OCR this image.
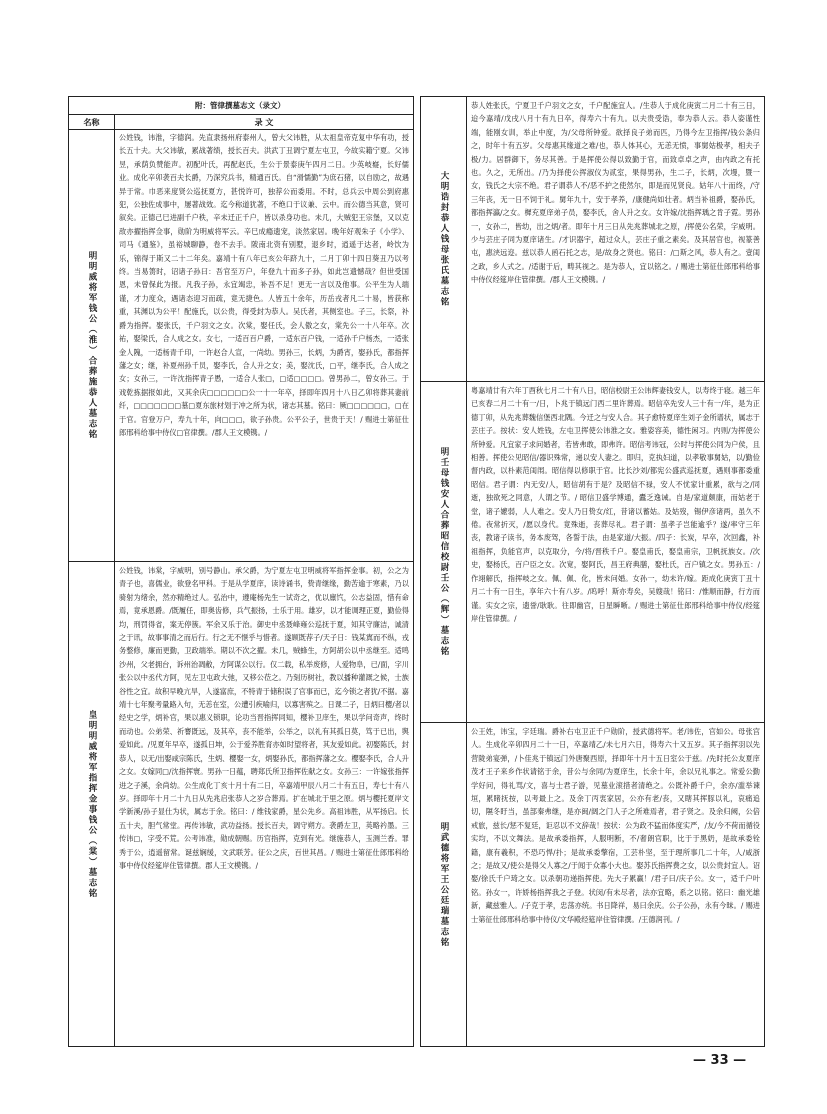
名称	录 文
明明威将军钱公（淮）合葬施恭人墓志铭

公姓钱，讳淮，字德润。先直隶扬州府泰州人，曾大父讳胜，从太祖皇帝克复中华有功，授长五十夫。大父讳敏，累战著绩，授长百夫。洪武丁丑调宁夏左屯卫，今故实籍宁夏。父讳昱，承荫负赞能声。初配叶氏，再配赵氏，生公于景泰庚午四月二日。少英岐嶷，长好儒业。成化辛卯袭百夫长爵，乃深究兵书，精通百氏。自“滑懦勤”为庶石猪，以自励之，故遇异于常。巾恶来度贤公巡抚夏方，甚悦许可，独荐公而委用。不时，总兵云中周公到府惠犯，公独佐成事中，屡著战效。迄今称道犹著，不绝口于议兼、云中。而公德当其意，贤可叙矣。正德己巳进副千户秩，辛未迁正千户，皆以杀身功也。未几，大贼犯王宗堡，又以克敌亦擢指挥佥事，勋阶为明威将军云。辛巳成瘾遗宠，淡然家居。晚年好观朱子《小学》、司马《通鉴》，虽裕城聊静，卷不去手。陂南北资有别墅，退乡时，逍遥于达者，岭饮为乐，锦得于斯又二十二年矣。嘉靖十有八年已亥公年跻九十，二月丁卯十四日葵丑乃以考终。当易箦时，诏诸子孙曰：吾官至万户，年登九十而多子孙，如此岂遗憾哉？但世受国恩，未曾保此为报。凡我子孙，永宜竭忠，补吾不足！更无一言以及他事。公平生为人端谨，才力度众，遇诸态迎习而疏，竟无捷色。人皆五十余年，历岳戎者凡二十易，皆获称重，其渊以为公平！配施氏，以公贵，得受封为恭人。吴氏者，其侧室也。子三，长祭，补爵为指挥。娶张氏，千户羽文之女。次棠，娶任氏，会人傲之女，棠先公一十八年卒。次祐，娶梁氏，合人成之女。女七，一适百百户爵，一适东百户钱，一适孙千户杨杰，一适张金人隗，一适杨青千印，一许赵合人宣，一尚幼。男孙三，长炳，为爵宵，娶孙氏，都指挥藩之女；继，补夏州孙千员，娶李氏，合人升之女；美，娶沈氏，□平，继李氏，合人成之女；女孙三，一许沈指挥青子愚，一适合人张□，□适□□□□。曾男孙二，曾女孙三。于戏乾拣据报如此，又其余庆□□□□□□公一十一年卒，择即年四月十八日乙卯将葬其妻前纤，□□□□□□□墓□夏东旅材划于冲之所为状，诸志其墓。铭曰：厥□□□□□□，□在于官。官登万户，寿九十年，向□□□，欲子孙贵。公平公子，世贵于天！/ 赐进士第征仕郎邢科给事中侍仪□官律撰。/郡人王文模镌。/

皇明明威将军指挥金事钱公（棠）墓志铭

公姓钱，讳棠，字威明，别号静山。承父爵，为宁夏左屯卫明威将军指挥金事。初，公之为青子也，喜儒业，欲登名甲科。于是从学夏庠，读诗诵书，贽青继缘，勤苦逾于寒素，乃以骑射为绪余，然亦精绝过人。弘治中，遵庵杨先生一试奇之，优以廪饩，公志益固，惜有命焉，竟承恩爵。/既履任，即奥齿修，兵气振扬，士乐于用。雄岁，以才能调理正夏，勤俭得均，刑罚得省，案无停簇。军余又乐于治。御史中丞聂峰雍公巡抚于夏，知其守廉洁，诚清之于讯，故事事清之而后行。行之无不惬乎与惜者。遂顾既荐子/天子日：钱某寘而不纵，戎务整修，廉而更勤，卫政端举。期以不次之擢。未几，贼蜂生，方阿胡公以中丞继至。适鸣沙州，父老拥台，诉州治凋敝，方阿谋公以行。仅二载，私举废修，人爱物阜，已/面，字川张公以中丞代方阿，见左卫屯政大弛，又移公莅之。乃刻历树社，教以播种灌溉之候，士族谷性之宜。故积早晚亢旱，人遂富庶，不特青于储积误了官事而已，迄今锁之者犹/不据。嘉靖十七年聚考量路入句，无恙在室，公遭引疾喻归，以寡害殡之。日课二子，日炳曰樱/者以经史之学，炳补官，果以惠义锁职，论功当晋指挥同知，樱补卫庠生，果以学问奇声，终时而动也。公弟荣、祈謇既远，及其卒，丧不能举，公举之，以礼有其孤日莫，笃于已出，舆爱如此。/见夏年早卒，遂孤日坤，公于爱养胜育亦如时望将者，其友爱如此。初娶陈氏，封恭人，以无/出娶咸宗陈氏，生炳、樱娶一女，炳娶孙氏，都指挥藩之女。樱娶李氏，合人升之女。女嫁同□/沈指挥寰。男孙一日蕴，聘郑氏所卫指挥佐献之女。女孙三：一许嫁张指挥进之子溪，余尚幼。公生成化丁亥十月十有二日，卒嘉靖甲辰八月二十有五日，寿七十有八岁。择即年十月二十九日从先兆启张恭人之岁合葬焉。扩在城北于里之原。炳与樱托夏岸文学新溪/孙子显仕为状，属志于余。铭曰：/ 维钱家爵，星公先乡。高祖讳胜，从军扬启。长五十夫，胆气常堂。再传讳敏，武功益扬。授长百夫，调守朔方。袭爵左卫，英略衿墨。三传讳□，字受不荒。公考讳准，勋成朝赐。历官指挥，克到有光。继施恭人，玉测兰香。罪秀于公，逍遥留常。诞兹娴缓，文武联芳。征公之庆，百世其昌。/ 赐进士第征仕郎邢科给事中侍仪经筵岸住管律撰。郡人王文模镌。/

附：管律撰墓志文（录文）
大明诰封恭人钱母张氏墓志铭

恭人姓张氏，宁夏卫千户羽文之女，千户配施宜人。/生恭人于成化庚寅二月二十有三日，迨今嘉靖/戊戌八月十有九日卒，得寿六十有九。以夫贵受诰，奉为恭人云。恭人姿谨性端，能刚女训，举止中度，为/父母所钟爱。欲择良子弟而匹，乃得今左卫指挥/钱公条归之，时年十有五岁。父母惠其缘道之难/也，恭人体其心，无恙无愤，事舅姑极孝，相夫子极/力。居群御下，务尽其善。于是挥使公得以致勤于官，而致卓卓之声，由内政之有托也。久之，无所出。/乃为择使公挥淑仪为贰室，果得男孙，生二子，长炳，次墁，暨一女，钱氏之大宗不绝。君子谓恭人不/恶不护之使然尔，即是而见贤良。姑年八十而终，/守三年丧，无一日不饲于礼。舅年九十，安于孝养，/康健尚如壮者。炳当补祖爵，娶孙氏，都指挥瀛/之女。樨充夏庠弟子员，娶李氏，舍人升之女。女许嫁/沈指挥瑀之肯子霓。男孙一，女孙二，皆幼，出之炳/者。即年十月三日从先兆葬城北之原，/挥使公名荣，字威明。少与芸庄子同为夏庠诸生。/才识器宇，超过众人，芸庄子重之素矣。及其居官也，视篆善屯，惠浃远迩。兹以恭人函石托之志，是/故身之贤也。铭曰：/□斯之风，恭人有之。壹闺之政，乡人式之。/适谢于后，畴其视之。是为恭人，宜以铭之。/ 赐进士第征仕郎邢科给事中侍仪经筵岸住管律撰。/郡人王文模镌。/

明壬母钱安人合葬昭信校尉壬公（辉）墓志铭

粤嘉靖廿有六年丁酉秋七月二十有八日，昭信校尉王公讳辉妻钱安人，以寿终于寝。越三年已亥春二月二十有一/日，卜兆于镇远门西二里许葬焉。昭信卒先安人三十有一/年，是为正德丁卯，从先兆葬魏信堡西北隅。今迁之与安人合。其子愈特夏庠生刘子金所谱状，属志于芸庄子。按状：安人姓钱，左屯卫挥使公讳淮之女。雅姿容美，德性闲习。内则/为挥使公所钟爱。凡宜家子求问婚者，若皆弗敢，即弗许。昭信考讳冠，公时与挥使公同为户侯，且相善。挥使公见昭信/器识殊常，递以安人妻之。即归，克执妇道，以孝敬事舅姑，以/勤俭督内政，以朴素范闺闱。昭信得以修职于官。比长沙刘/都宪公盛武巡抚夏，遇则事都委重昭信。君子谓：内无安/人，昭信胡有于是？及昭信不禄，安人不忧家计重累，欲与之/同逝，独欲死之同意，人谓之节。/ 昭信卫盛学博通，蠹乏逸诫。自是/家道颇康，而姑老于堂，诸子嬷弱，人人难之。安人乃日贽女/红，昔诸以蓄姑。及姑歿，锡伊彦诸两，虽久不倦。夜常折灭，/愿以身代。竟殊逝，丧葬尽礼。君子谓：虽孝子岂能逾乎？遂/率守三年丧，教诸子读书，务本废驾，各誓于法，由是家道/大振。/四子：长炭，早卒，次回鑫，补祖指挥，负能官声，以克取分，今/将/晋秩千户。娶皇甫氏，娶皇甫宗，卫帆抚族女。/次史，娶杨氏，百户臣之女。次宽，娶阿氏，昌王府典膳，娶杜氏，百户镇之女。男孙五：/作翊解氏，指挥岐之女。佩、佩、化，皆未问婚。女孙一，幼未许/嫁。距成化庚寅丁丑十月二十有一日生，享年六十有八岁。/呜呼！斯亦寿矣，吴嫂哉！铭曰：/惟顺而静，行方而谨。实女之宗，遗誉/耿耿。往即幽宫，日星瞬晰。/ 赐进士第征仕郎邢科给事中侍仪/经筵岸住管律撰。/

明武德将军王公廷瑞墓志铭

公王姓，讳宝，字廷瑞。爵补右屯卫正千户勋阶，授武德将军。老/讳佐，官如公。母张宫人。生成化辛卯四月二十一日，卒嘉靖乙/未七月六日，得寿六十又五岁。其子指挥羽以先营陇弟宴弹，/卜佳兆于镇远门外唐聚西原，择即年十月十五日室公于兹。/先时托公友夏庠茂才王子来乡作状请铭于余，昔公与余同/为夏庠生，长余十年，余以兄礼事之。常爱公勤学好问，得礼骂/文，喜与士君子游，见墓业滚措者清绝之。公既补爵千户，余亦/滥举谏垣，累睹抚按，以考最上之。及余丁丙衷家居，公亦有老/丧，又瞎其挥豚以礼，哀痛追切，隰冬盱当，虽部秦弗继，是亦闽/阔之门人子之所难焉者，君子贤之。及余归阙，公倍戒旅，兹长/惩不复廷，讵忍以不文辞哉！按状：公为政不猛而体度实严，/友/今不荷而循役实均，不以文舞法。是故承委指挥，人服明断，不/奢朗官职，比于于黑奶，是故承委铨籍，康有羲积，不恐巧悍/扑；是故承委擎宿，工芸朴坚，至于理所事几二十年，人/咸浙之；是故又/使公是得父人寡之/于闻于众寡小大也。娶苏氏指挥费之女，以公贵封宜人。诏娶/徐氏千户琦之女。以杀朝功递指挥使。先大子累赢！/君子曰/庆子公。女一，适千户叶铭。孙女一，许娇杨指挥我之子登。状闵/有未尽者，法亦宜略，系之以铭。铭曰：幽光雄新，藏兹雅人。/子克于孝，忠荡亦统。书日降祥，易曰余庆。公子公孙，永有今昧。/ 赐进士第征仕郎邢科给事中侍仪/文华殿经筵岸住管律撰。/王德润刊。/

— 33 —
